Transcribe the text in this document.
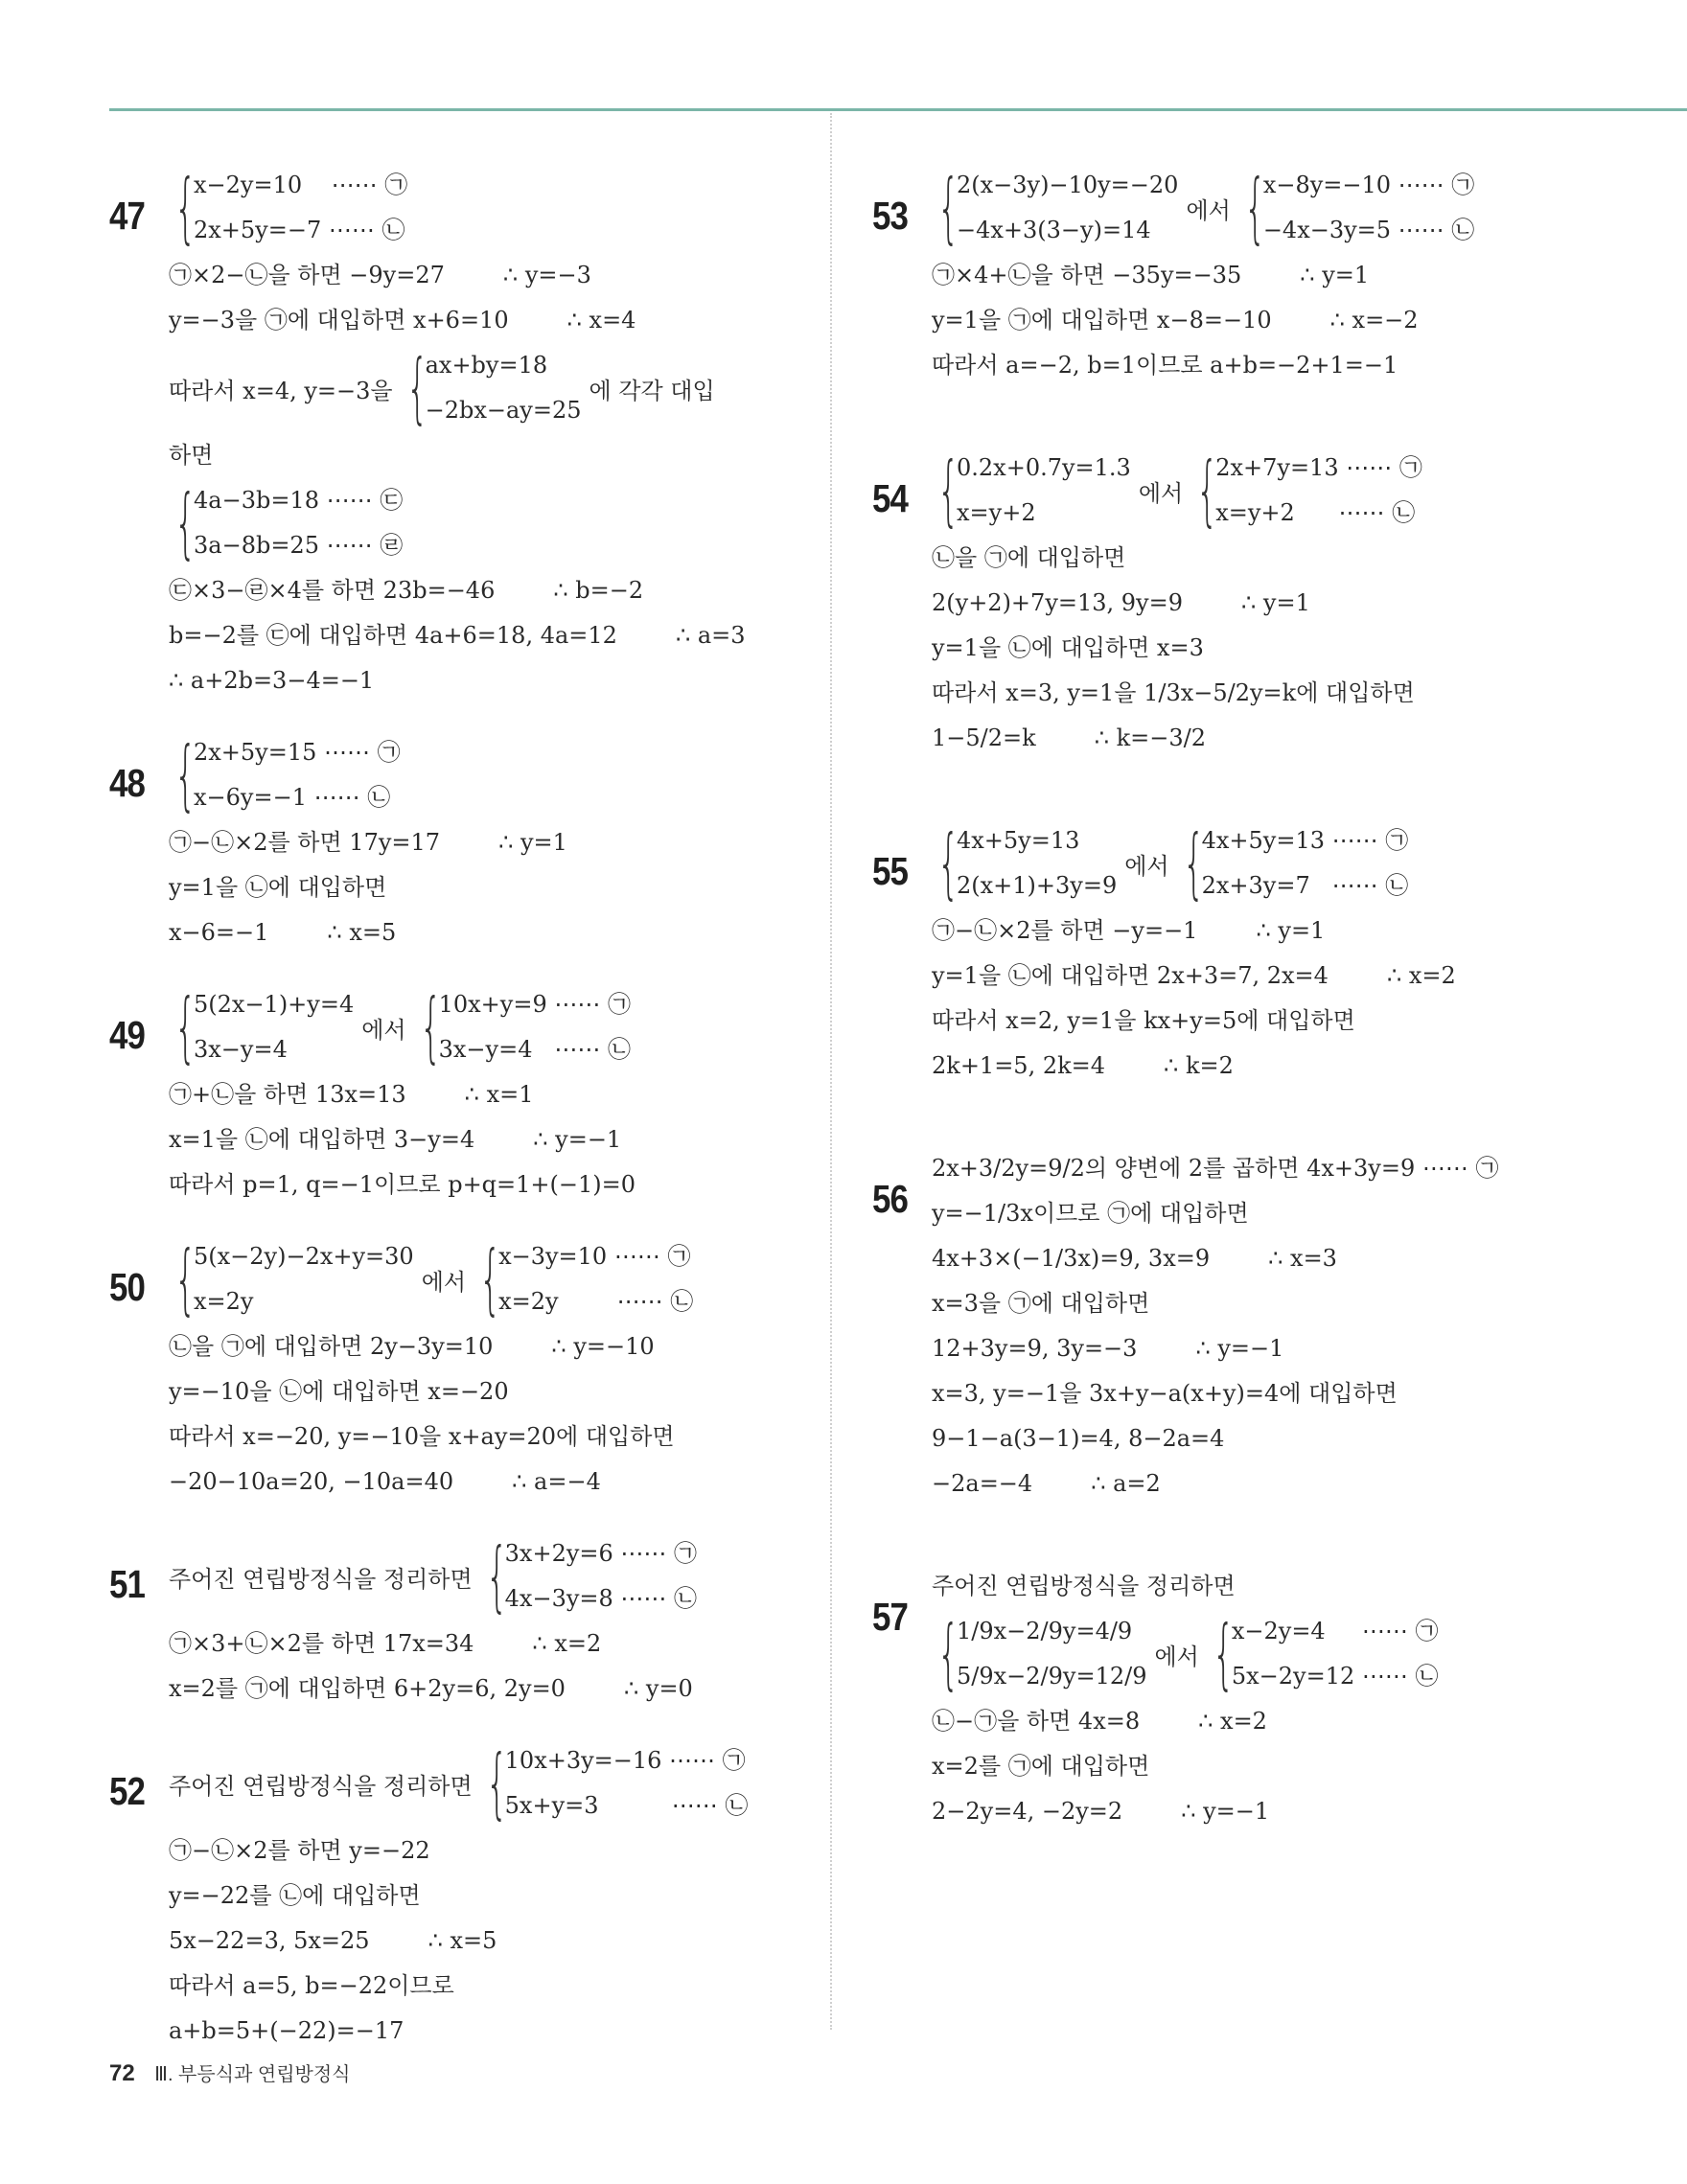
47 {
x−2y=10    ⋯⋯ ㉠
2x+5y=−7 ⋯⋯ ㉡
㉠×2−㉡을 하면 −9y=27        ∴ y=−3
y=−3을 ㉠에 대입하면 x+6=10        ∴ x=4
따라서 x=4, y=−3을 {
ax+by=18
−2bx−ay=25
에 각각 대입
하면
{
4a−3b=18 ⋯⋯ ㉢
3a−8b=25 ⋯⋯ ㉣
㉢×3−㉣×4를 하면 23b=−46        ∴ b=−2
b=−2를 ㉢에 대입하면 4a+6=18, 4a=12        ∴ a=3
∴ a+2b=3−4=−1
48 {
2x+5y=15 ⋯⋯ ㉠
x−6y=−1 ⋯⋯ ㉡
㉠−㉡×2를 하면 17y=17        ∴ y=1
y=1을 ㉡에 대입하면
x−6=−1        ∴ x=5
49 {
5(2x−1)+y=4
3x−y=4
에서 {
10x+y=9 ⋯⋯ ㉠
3x−y=4   ⋯⋯ ㉡
㉠+㉡을 하면 13x=13        ∴ x=1
x=1을 ㉡에 대입하면 3−y=4        ∴ y=−1
따라서 p=1, q=−1이므로 p+q=1+(−1)=0
50 {
5(x−2y)−2x+y=30
x=2y
에서 {
x−3y=10 ⋯⋯ ㉠
x=2y        ⋯⋯ ㉡
㉡을 ㉠에 대입하면 2y−3y=10        ∴ y=−10
y=−10을 ㉡에 대입하면 x=−20
따라서 x=−20, y=−10을 x+ay=20에 대입하면
−20−10a=20, −10a=40        ∴ a=−4
51 주어진 연립방정식을 정리하면 {
3x+2y=6 ⋯⋯ ㉠
4x−3y=8 ⋯⋯ ㉡
㉠×3+㉡×2를 하면 17x=34        ∴ x=2
x=2를 ㉠에 대입하면 6+2y=6, 2y=0        ∴ y=0
52 주어진 연립방정식을 정리하면 {
10x+3y=−16 ⋯⋯ ㉠
5x+y=3          ⋯⋯ ㉡
㉠−㉡×2를 하면 y=−22
y=−22를 ㉡에 대입하면
5x−22=3, 5x=25        ∴ x=5
따라서 a=5, b=−22이므로
a+b=5+(−22)=−17
53 {
2(x−3y)−10y=−20
−4x+3(3−y)=14
에서 {
x−8y=−10 ⋯⋯ ㉠
−4x−3y=5 ⋯⋯ ㉡
㉠×4+㉡을 하면 −35y=−35        ∴ y=1
y=1을 ㉠에 대입하면 x−8=−10        ∴ x=−2
따라서 a=−2, b=1이므로 a+b=−2+1=−1
54 {
0.2x+0.7y=1.3
x=y+2
에서 {
2x+7y=13 ⋯⋯ ㉠
x=y+2      ⋯⋯ ㉡
㉡을 ㉠에 대입하면
2(y+2)+7y=13, 9y=9        ∴ y=1
y=1을 ㉡에 대입하면 x=3
따라서 x=3, y=1을 1/3x−5/2y=k에 대입하면
1−5/2=k        ∴ k=−3/2
55 {
4x+5y=13
2(x+1)+3y=9
에서 {
4x+5y=13 ⋯⋯ ㉠
2x+3y=7   ⋯⋯ ㉡
㉠−㉡×2를 하면 −y=−1        ∴ y=1
y=1을 ㉡에 대입하면 2x+3=7, 2x=4        ∴ x=2
따라서 x=2, y=1을 kx+y=5에 대입하면
2k+1=5, 2k=4        ∴ k=2
56
2x+3/2y=9/2의 양변에 2를 곱하면 4x+3y=9 ⋯⋯ ㉠
y=−1/3x이므로 ㉠에 대입하면
4x+3×(−1/3x)=9, 3x=9        ∴ x=3
x=3을 ㉠에 대입하면
12+3y=9, 3y=−3        ∴ y=−1
x=3, y=−1을 3x+y−a(x+y)=4에 대입하면
9−1−a(3−1)=4, 8−2a=4
−2a=−4        ∴ a=2
57
주어진 연립방정식을 정리하면
{
1/9x−2/9y=4/9
5/9x−2/9y=12/9
에서 {
x−2y=4     ⋯⋯ ㉠
5x−2y=12 ⋯⋯ ㉡
㉡−㉠을 하면 4x=8        ∴ x=2
x=2를 ㉠에 대입하면
2−2y=4, −2y=2        ∴ y=−1
72 Ⅲ. 부등식과 연립방정식
